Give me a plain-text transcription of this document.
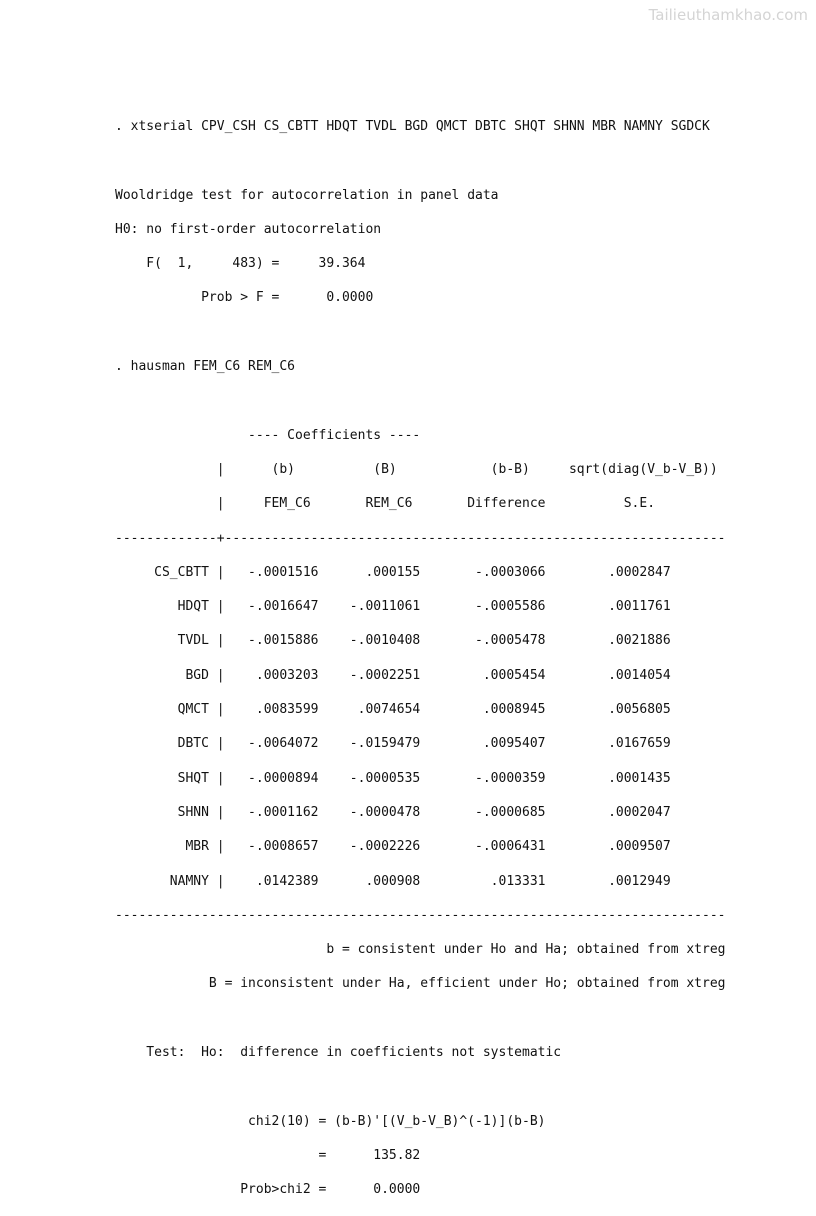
Tailieuthamkhao.com
. xtserial CPV_CSH CS_CBTT HDQT TVDL BGD QMCT DBTC SHQT SHNN MBR NAMNY SGDCK

Wooldridge test for autocorrelation in panel data

H0: no first-order autocorrelation

F(  1,     483) =     39.364

Prob > F =      0.0000

. hausman FEM_C6 REM_C6

---- Coefficients ----

|      (b)          (B)            (b-B)     sqrt(diag(V_b-V_B))

|     FEM_C6       REM_C6       Difference          S.E.

-------------+----------------------------------------------------------------

CS_CBTT |   -.0001516      .000155       -.0003066        .0002847

HDQT |   -.0016647    -.0011061       -.0005586        .0011761

TVDL |   -.0015886    -.0010408       -.0005478        .0021886

BGD |    .0003203    -.0002251        .0005454        .0014054

QMCT |    .0083599     .0074654        .0008945        .0056805

DBTC |   -.0064072    -.0159479        .0095407        .0167659

SHQT |   -.0000894    -.0000535       -.0000359        .0001435

SHNN |   -.0001162    -.0000478       -.0000685        .0002047

MBR |   -.0008657    -.0002226       -.0006431        .0009507

NAMNY |    .0142389      .000908         .013331        .0012949

------------------------------------------------------------------------------

b = consistent under Ho and Ha; obtained from xtreg

B = inconsistent under Ha, efficient under Ho; obtained from xtreg

Test:  Ho:  difference in coefficients not systematic

chi2(10) = (b-B)'[(V_b-V_B)^(-1)](b-B)

=      135.82

Prob>chi2 =      0.0000
